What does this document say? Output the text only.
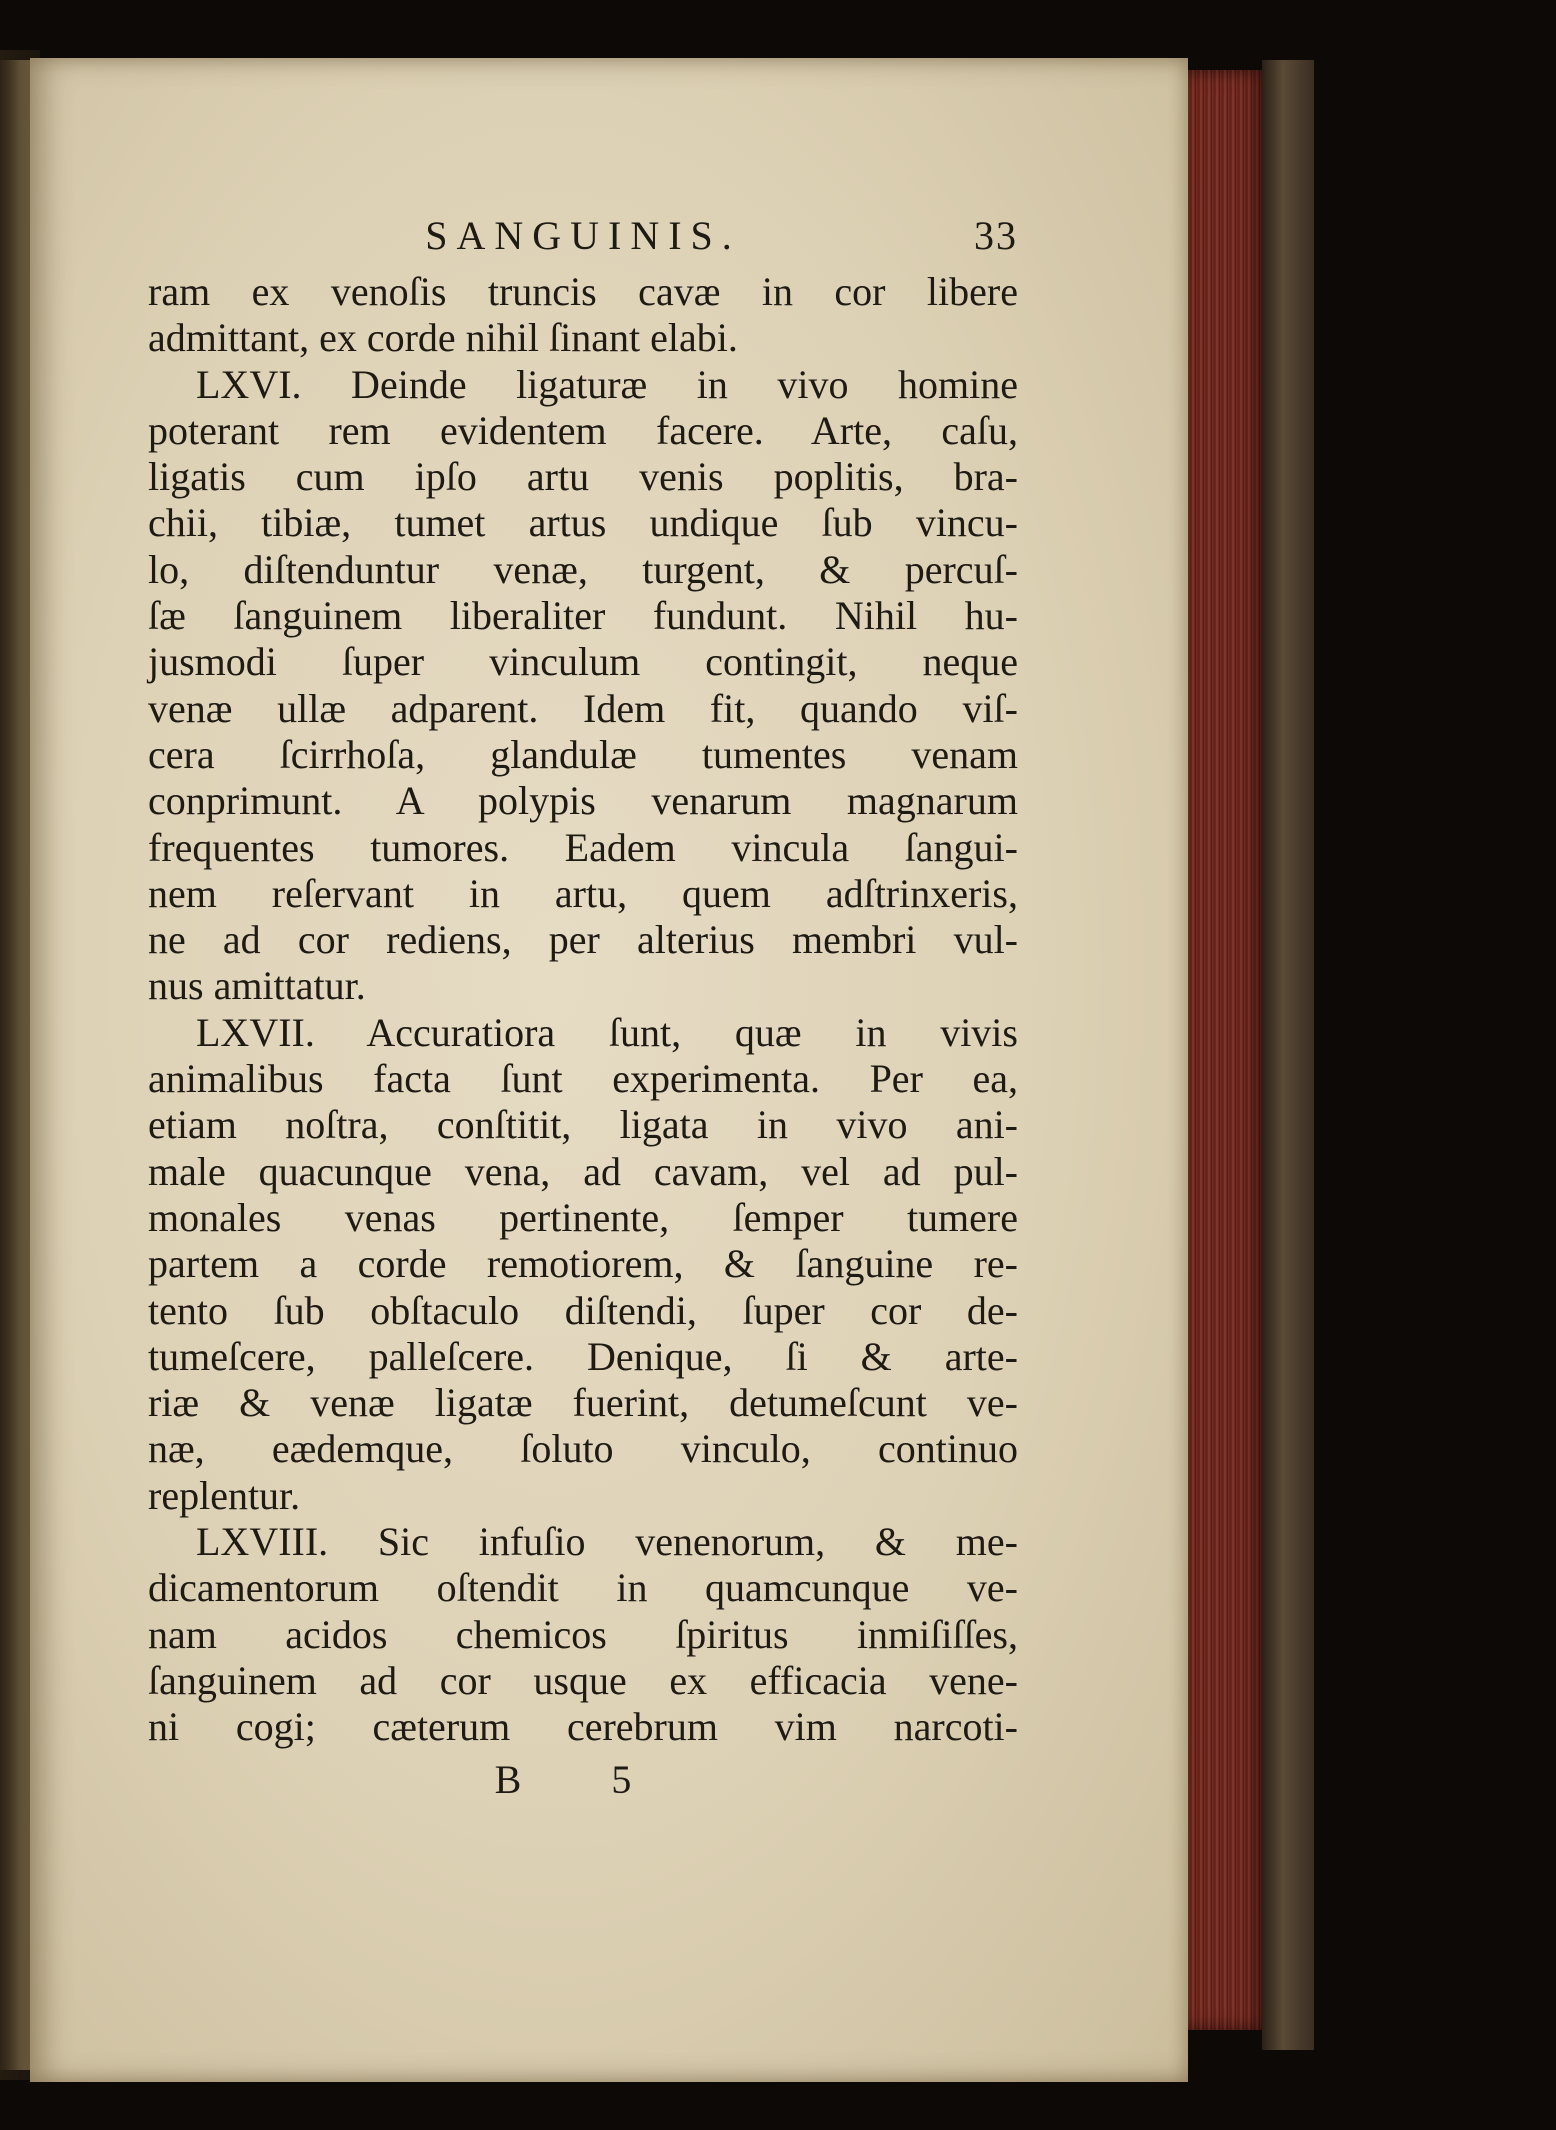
SANGUINIS.	33
ram ex venoſis truncis cavæ in cor libere
admittant, ex corde nihil ſinant elabi.
LXVI. Deinde ligaturæ in vivo homine
poterant rem evidentem facere. Arte, caſu,
ligatis cum ipſo artu venis poplitis, bra-
chii, tibiæ, tumet artus undique ſub vincu-
lo, diſtenduntur venæ, turgent, & percuſ-
ſæ ſanguinem liberaliter fundunt. Nihil hu-
jusmodi ſuper vinculum contingit, neque
venæ ullæ adparent. Idem fit, quando viſ-
cera ſcirrhoſa, glandulæ tumentes venam
conprimunt. A polypis venarum magnarum
frequentes tumores. Eadem vincula ſangui-
nem reſervant in artu, quem adſtrinxeris,
ne ad cor rediens, per alterius membri vul-
nus amittatur.
LXVII. Accuratiora ſunt, quæ in vivis
animalibus facta ſunt experimenta. Per ea,
etiam noſtra, conſtitit, ligata in vivo ani-
male quacunque vena, ad cavam, vel ad pul-
monales venas pertinente, ſemper tumere
partem a corde remotiorem, & ſanguine re-
tento ſub obſtaculo diſtendi, ſuper cor de-
tumeſcere, palleſcere. Denique, ſi & arte-
riæ & venæ ligatæ fuerint, detumeſcunt ve-
næ, eædemque, ſoluto vinculo, continuo
replentur.
LXVIII. Sic infuſio venenorum, & me-
dicamentorum oſtendit in quamcunque ve-
nam acidos chemicos ſpiritus inmiſiſſes,
ſanguinem ad cor usque ex efficacia vene-
ni cogi; cæterum cerebrum vim narcoti-
B 5
